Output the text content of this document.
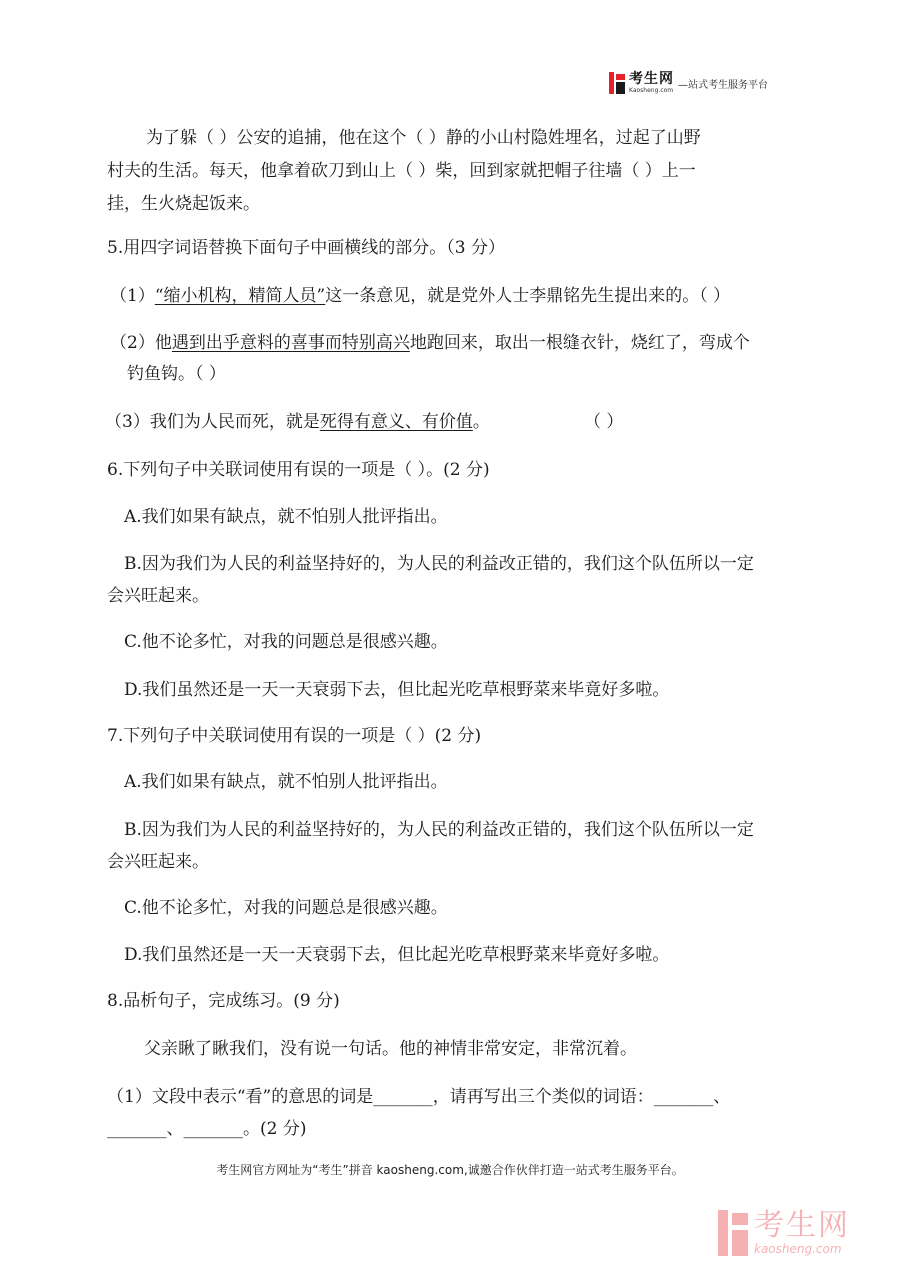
考生网
Kaosheng.com —站式考生服务平台
为了躲（ ）公安的追捕，他在这个（ ）静的小山村隐姓埋名，过起了山野
村夫的生活。每天，他拿着砍刀到山上（ ）柴，回到家就把帽子往墙（ ）上一
挂，生火烧起饭来。
5.用四字词语替换下面句子中画横线的部分。（3 分）
（1）“缩小机构，精简人员”这一条意见，就是党外人士李鼎铭先生提出来的。（ ）
（2）他遇到出乎意料的喜事而特别高兴地跑回来，取出一根缝衣针，烧红了，弯成个
钓鱼钩。（ ）
（3）我们为人民而死，就是死得有意义、有价值。	（ ）
6.下列句子中关联词使用有误的一项是（ ）。(2 分)
A.我们如果有缺点，就不怕别人批评指出。
B.因为我们为人民的利益坚持好的，为人民的利益改正错的，我们这个队伍所以一定
会兴旺起来。
C.他不论多忙，对我的问题总是很感兴趣。
D.我们虽然还是一天一天衰弱下去，但比起光吃草根野菜来毕竟好多啦。
7.下列句子中关联词使用有误的一项是（ ）(2 分)
A.我们如果有缺点，就不怕别人批评指出。
B.因为我们为人民的利益坚持好的，为人民的利益改正错的，我们这个队伍所以一定
会兴旺起来。
C.他不论多忙，对我的问题总是很感兴趣。
D.我们虽然还是一天一天衰弱下去，但比起光吃草根野菜来毕竟好多啦。
8.品析句子，完成练习。(9 分)
父亲瞅了瞅我们，没有说一句话。他的神情非常安定，非常沉着。
（1）文段中表示“看”的意思的词是_______，请再写出三个类似的词语：_______、
_______、_______。(2 分)
考生网官方网址为“考生”拼音 kaosheng.com,诚邀合作伙伴打造一站式考生服务平台。
考生网
kaosheng.com
